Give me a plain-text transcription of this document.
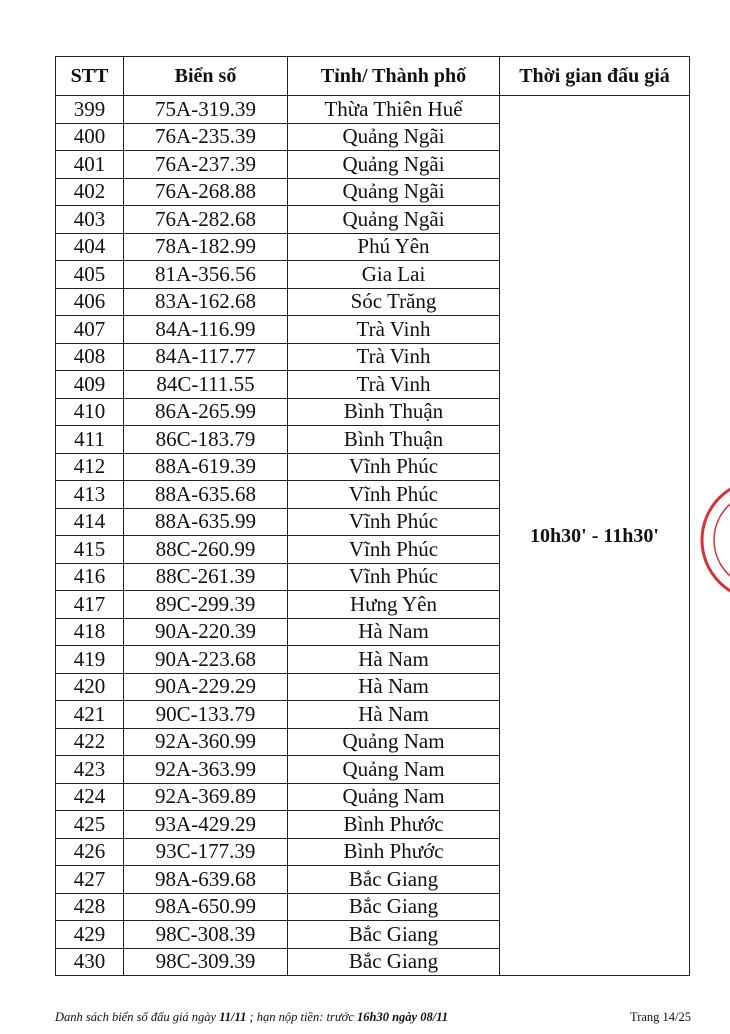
STT	Biển số	Tỉnh/ Thành phố	Thời gian đấu giá
399	75A-319.39	Thừa Thiên Huế	10h30' - 11h30'
400	76A-235.39	Quảng Ngãi	
401	76A-237.39	Quảng Ngãi	
402	76A-268.88	Quảng Ngãi	
403	76A-282.68	Quảng Ngãi	
404	78A-182.99	Phú Yên	
405	81A-356.56	Gia Lai	
406	83A-162.68	Sóc Trăng	
407	84A-116.99	Trà Vinh	
408	84A-117.77	Trà Vinh	
409	84C-111.55	Trà Vinh	
410	86A-265.99	Bình Thuận	
411	86C-183.79	Bình Thuận	
412	88A-619.39	Vĩnh Phúc	
413	88A-635.68	Vĩnh Phúc	
414	88A-635.99	Vĩnh Phúc	
415	88C-260.99	Vĩnh Phúc	
416	88C-261.39	Vĩnh Phúc	
417	89C-299.39	Hưng Yên	
418	90A-220.39	Hà Nam	
419	90A-223.68	Hà Nam	
420	90A-229.29	Hà Nam	
421	90C-133.79	Hà Nam	
422	92A-360.99	Quảng Nam	
423	92A-363.99	Quảng Nam	
424	92A-369.89	Quảng Nam	
425	93A-429.29	Bình Phước	
426	93C-177.39	Bình Phước	
427	98A-639.68	Bắc Giang	
428	98A-650.99	Bắc Giang	
429	98C-308.39	Bắc Giang	
430	98C-309.39	Bắc Giang	
Danh sách biển số đấu giá ngày 11/11 ; hạn nộp tiền: trước 16h30 ngày 08/11	Trang 14/25
